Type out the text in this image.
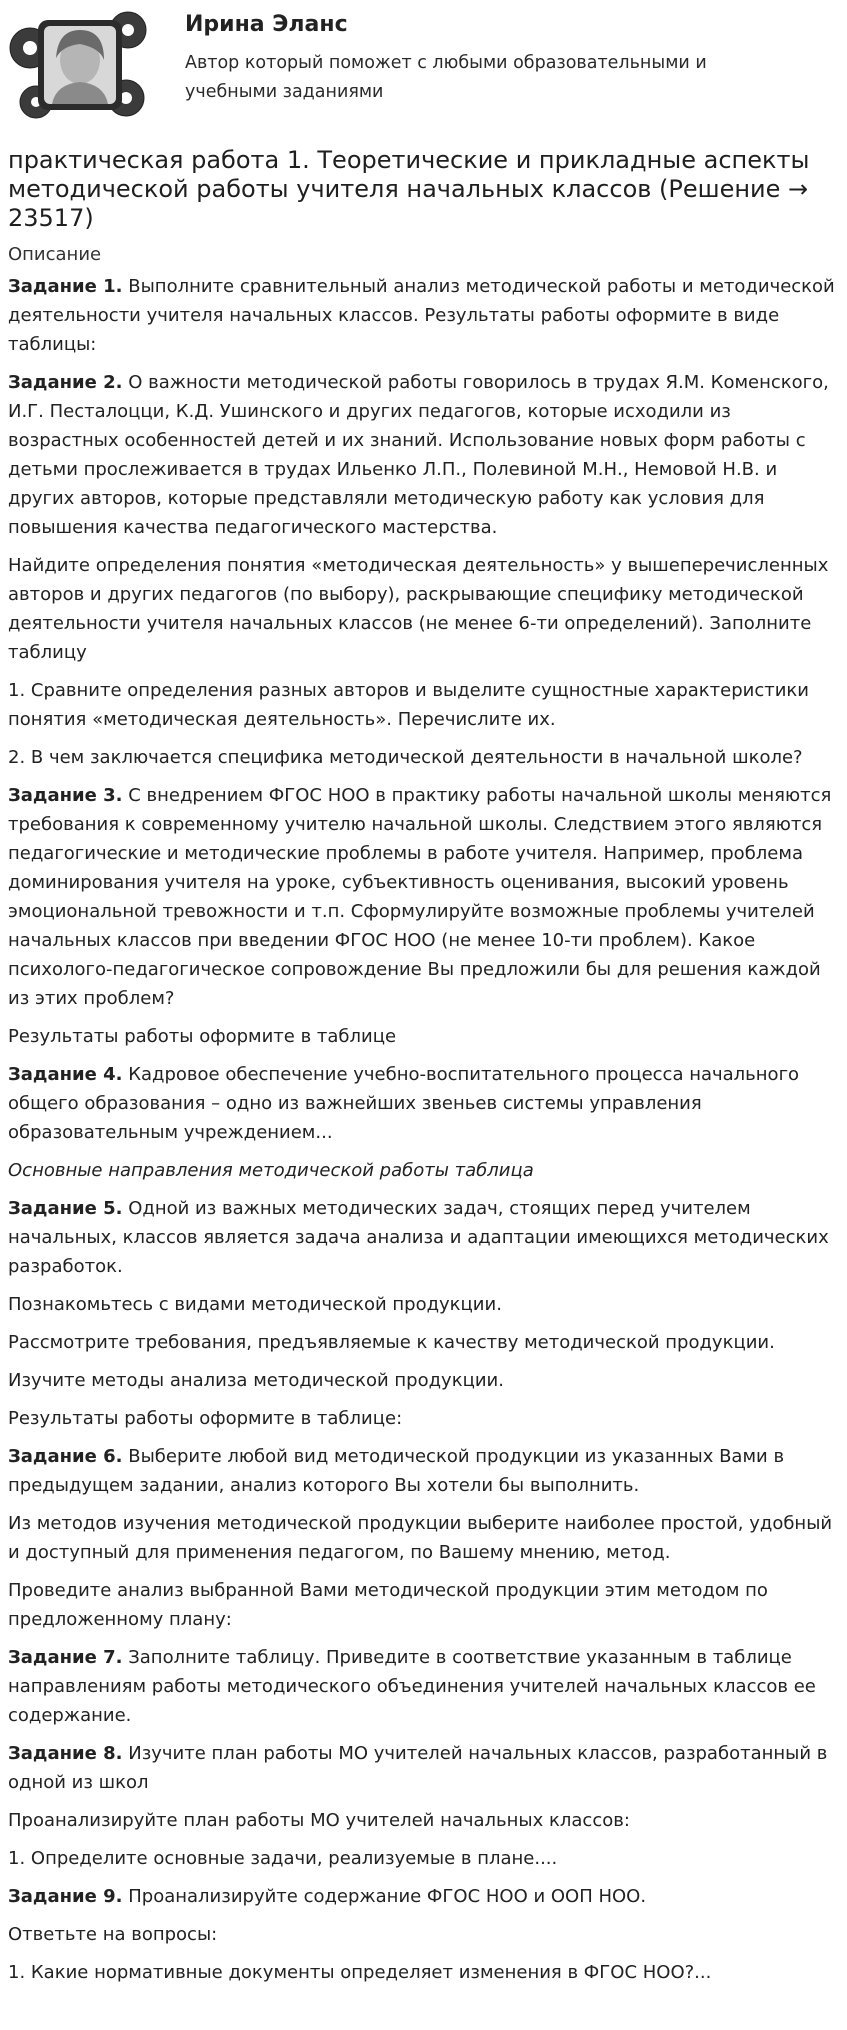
Ирина Эланс
Автор который поможет с любыми образовательными и учебными заданиями
практическая работа 1. Теоретические и прикладные аспекты методической работы учителя начальных классов (Решение → 23517)
Описание

Задание 1. Выполните сравнительный анализ методической работы и методической деятельности учителя начальных классов. Результаты работы оформите в виде таблицы:

Задание 2. О важности методической работы говорилось в трудах Я.М. Коменского, И.Г. Песталоцци, К.Д. Ушинского и других педагогов, которые исходили из возрастных особенностей детей и их знаний. Использование новых форм работы с детьми прослеживается в трудах Ильенко Л.П., Полевиной М.Н., Немовой Н.В. и других авторов, которые представляли методическую работу как условия для повышения качества педагогического мастерства.

Найдите определения понятия «методическая деятельность» у вышеперечисленных авторов и других педагогов (по выбору), раскрывающие специфику методической деятельности учителя начальных классов (не менее 6-ти определений). Заполните таблицу

1. Сравните определения разных авторов и выделите сущностные характеристики понятия «методическая деятельность». Перечислите их.

2. В чем заключается специфика методической деятельности в начальной школе?

Задание 3. С внедрением ФГОС НОО в практику работы начальной школы меняются требования к современному учителю начальной школы. Следствием этого являются педагогические и методические проблемы в работе учителя. Например, проблема доминирования учителя на уроке, субъективность оценивания, высокий уровень эмоциональной тревожности и т.п. Сформулируйте возможные проблемы учителей начальных классов при введении ФГОС НОО (не менее 10-ти проблем). Какое психолого-педагогическое сопровождение Вы предложили бы для решения каждой из этих проблем?

Результаты работы оформите в таблице

Задание 4. Кадровое обеспечение учебно-воспитательного процесса начального общего образования – одно из важнейших звеньев системы управления образовательным учреждением...

Основные направления методической работы таблица

Задание 5. Одной из важных методических задач, стоящих перед учителем начальных, классов является задача анализа и адаптации имеющихся методических разработок.

Познакомьтесь с видами методической продукции.

Рассмотрите требования, предъявляемые к качеству методической продукции.

Изучите методы анализа методической продукции.

Результаты работы оформите в таблице:

Задание 6. Выберите любой вид методической продукции из указанных Вами в предыдущем задании, анализ которого Вы хотели бы выполнить.

Из методов изучения методической продукции выберите наиболее простой, удобный и доступный для применения педагогом, по Вашему мнению, метод.

Проведите анализ выбранной Вами методической продукции этим методом по предложенному плану:

Задание 7. Заполните таблицу. Приведите в соответствие указанным в таблице направлениям работы методического объединения учителей начальных классов ее содержание.

Задание 8. Изучите план работы МО учителей начальных классов, разработанный в одной из школ

Проанализируйте план работы МО учителей начальных классов:

1. Определите основные задачи, реализуемые в плане....

Задание 9. Проанализируйте содержание ФГОС НОО и ООП НОО.

Ответьте на вопросы:

1. Какие нормативные документы определяет изменения в ФГОС НОО?...
